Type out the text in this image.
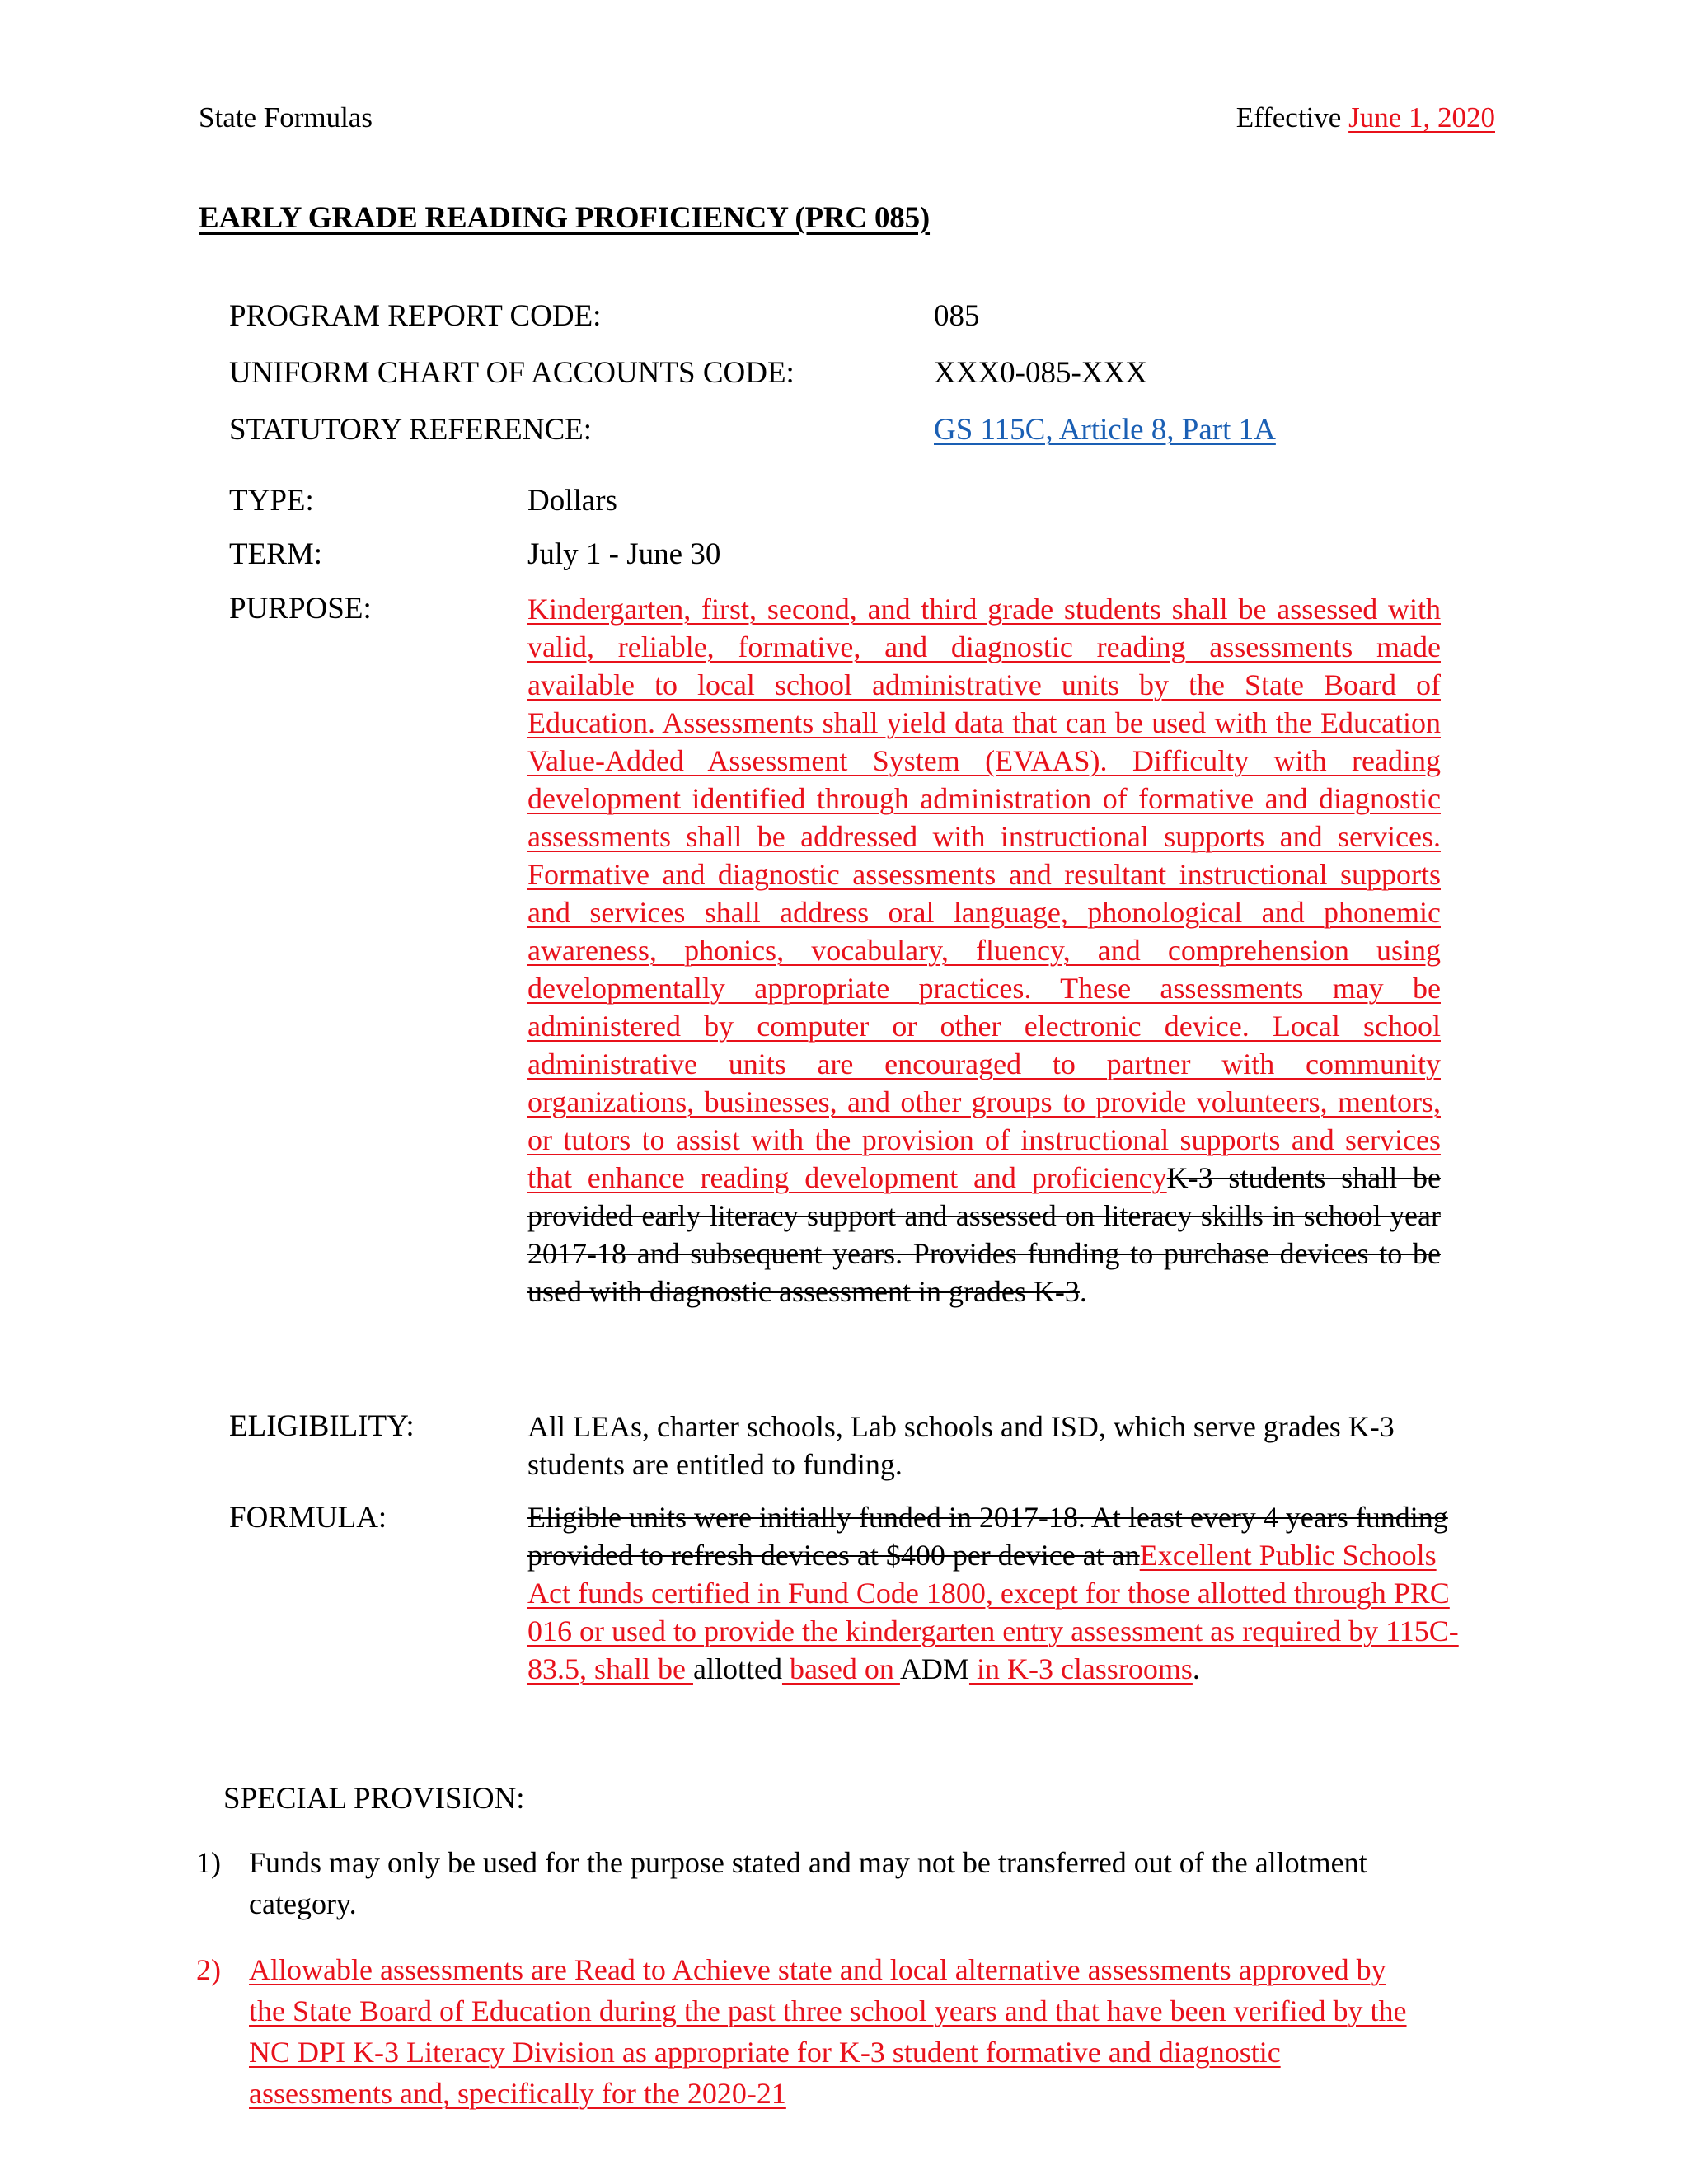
State Formulas	Effective June 1, 2020
EARLY GRADE READING PROFICIENCY (PRC 085)
PROGRAM REPORT CODE:	085
UNIFORM CHART OF ACCOUNTS CODE:	XXX0-085-XXX
STATUTORY REFERENCE:	GS 115C, Article 8, Part 1A
TYPE:	Dollars
TERM:	July 1 - June 30
PURPOSE:	Kindergarten, first, second, and third grade students shall be assessed with valid, reliable, formative, and diagnostic reading assessments made available to local school administrative units by the State Board of Education. Assessments shall yield data that can be used with the Education Value-Added Assessment System (EVAAS). Difficulty with reading development identified through administration of formative and diagnostic assessments shall be addressed with instructional supports and services. Formative and diagnostic assessments and resultant instructional supports and services shall address oral language, phonological and phonemic awareness, phonics, vocabulary, fluency, and comprehension using developmentally appropriate practices. These assessments may be administered by computer or other electronic device. Local school administrative units are encouraged to partner with community organizations, businesses, and other groups to provide volunteers, mentors, or tutors to assist with the provision of instructional supports and services that enhance reading development and proficiencyK-3 students shall be provided early literacy support and assessed on literacy skills in school year 2017-18 and subsequent years. Provides funding to purchase devices to be used with diagnostic assessment in grades K-3.
ELIGIBILITY:	All LEAs, charter schools, Lab schools and ISD, which serve grades K-3 students are entitled to funding.
FORMULA:	Eligible units were initially funded in 2017-18. At least every 4 years funding provided to refresh devices at $400 per device at anExcellent Public Schools Act funds certified in Fund Code 1800, except for those allotted through PRC 016 or used to provide the kindergarten entry assessment as required by 115C-83.5, shall be allotted based on ADM in K-3 classrooms.
SPECIAL PROVISION:
1) Funds may only be used for the purpose stated and may not be transferred out of the allotment category.
2) Allowable assessments are Read to Achieve state and local alternative assessments approved by the State Board of Education during the past three school years and that have been verified by the NC DPI K-3 Literacy Division as appropriate for K-3 student formative and diagnostic assessments and, specifically for the 2020-21
